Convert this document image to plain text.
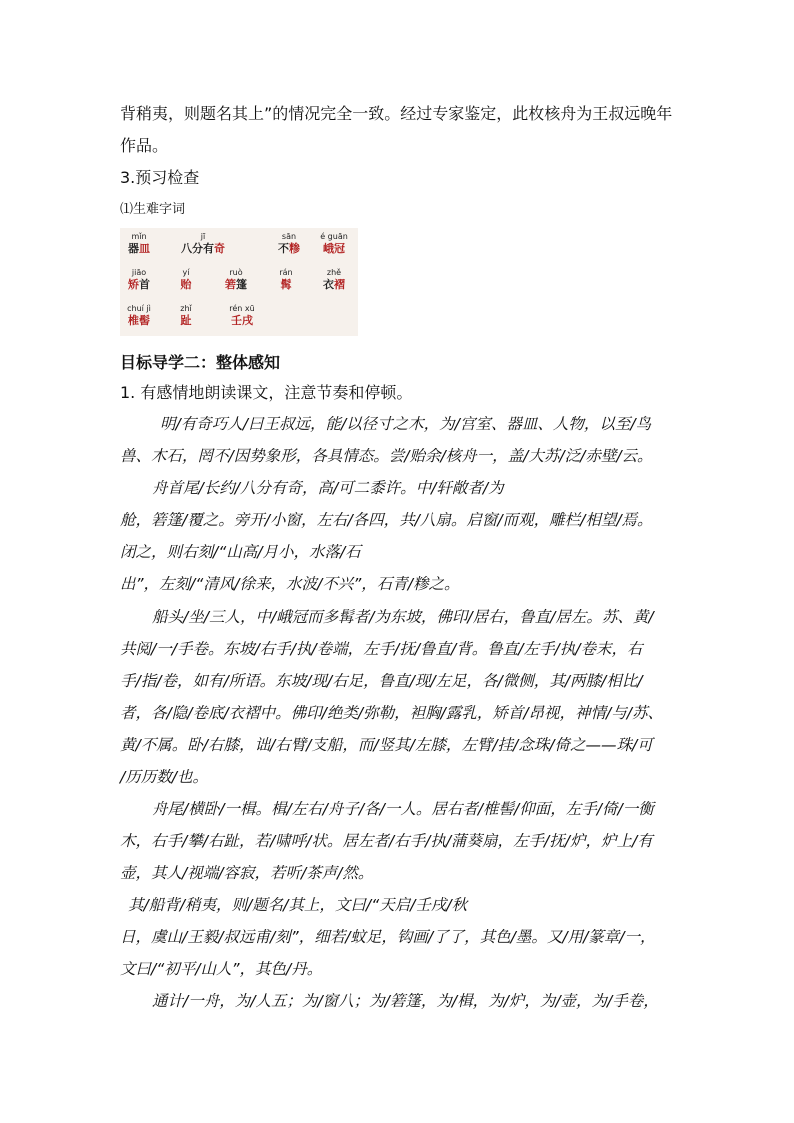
背稍夷，则题名其上”的情况完全一致。经过专家鉴定，此枚核舟为王叔远晚年
作品。
3.预习检查
⑴生难字词
mǐn
器皿
jī
八分有奇
sān
不糁
é guān
峨冠
jiāo
矫首
yí
贻
ruò
箬篷
rán
髯
zhě
衣褶
chuí jì
椎髻
zhǐ
趾
rén xū
壬戌
目标导学二：整体感知
1. 有感情地朗读课文，注意节奏和停顿。
明/有奇巧人/曰王叔远，能/以径寸之木，为/宫室、器皿、人物，以至/鸟
兽、木石，罔不/因势象形，各具情态。尝/贻余/核舟一，盖/大苏/泛/赤壁/云。
舟首尾/长约/八分有奇，高/可二黍许。中/轩敞者/为
舱，箬篷/覆之。旁开/小窗，左右/各四，共/八扇。启窗/而观，雕栏/相望/焉。
闭之，则右刻/“山高/月小，水落/石
出”，左刻/“清风/徐来，水波/不兴”，石青/糁之。
船头/坐/三人，中/峨冠而多髯者/为东坡，佛印/居右，鲁直/居左。苏、黄/
共阅/一/手卷。东坡/右手/执/卷端，左手/抚/鲁直/背。鲁直/左手/执/卷末，右
手/指/卷，如有/所语。东坡/现/右足，鲁直/现/左足，各/微侧，其/两膝/相比/
者，各/隐/卷底/衣褶中。佛印/绝类/弥勒，袒胸/露乳，矫首/昂视，神情/与/苏、
黄/不属。卧/右膝，诎/右臂/支船，而/竖其/左膝，左臂/挂/念珠/倚之——珠/可
/历历数/也。
舟尾/横卧/一楫。楫/左右/舟子/各/一人。居右者/椎髻/仰面，左手/倚/一衡
木，右手/攀/右趾，若/啸呼/状。居左者/右手/执/蒲葵扇，左手/抚/炉，炉上/有
壶，其人/视端/容寂，若听/茶声/然。
其/船背/稍夷，则/题名/其上，文曰/“天启/壬戌/秋
日，虞山/王毅/叔远甫/刻”，细若/蚊足，钩画/了了，其色/墨。又/用/篆章/一，
文曰/“初平/山人”，其色/丹。
通计/一舟，为/人五；为/窗八；为/箬篷，为/楫，为/炉，为/壶，为/手卷，
